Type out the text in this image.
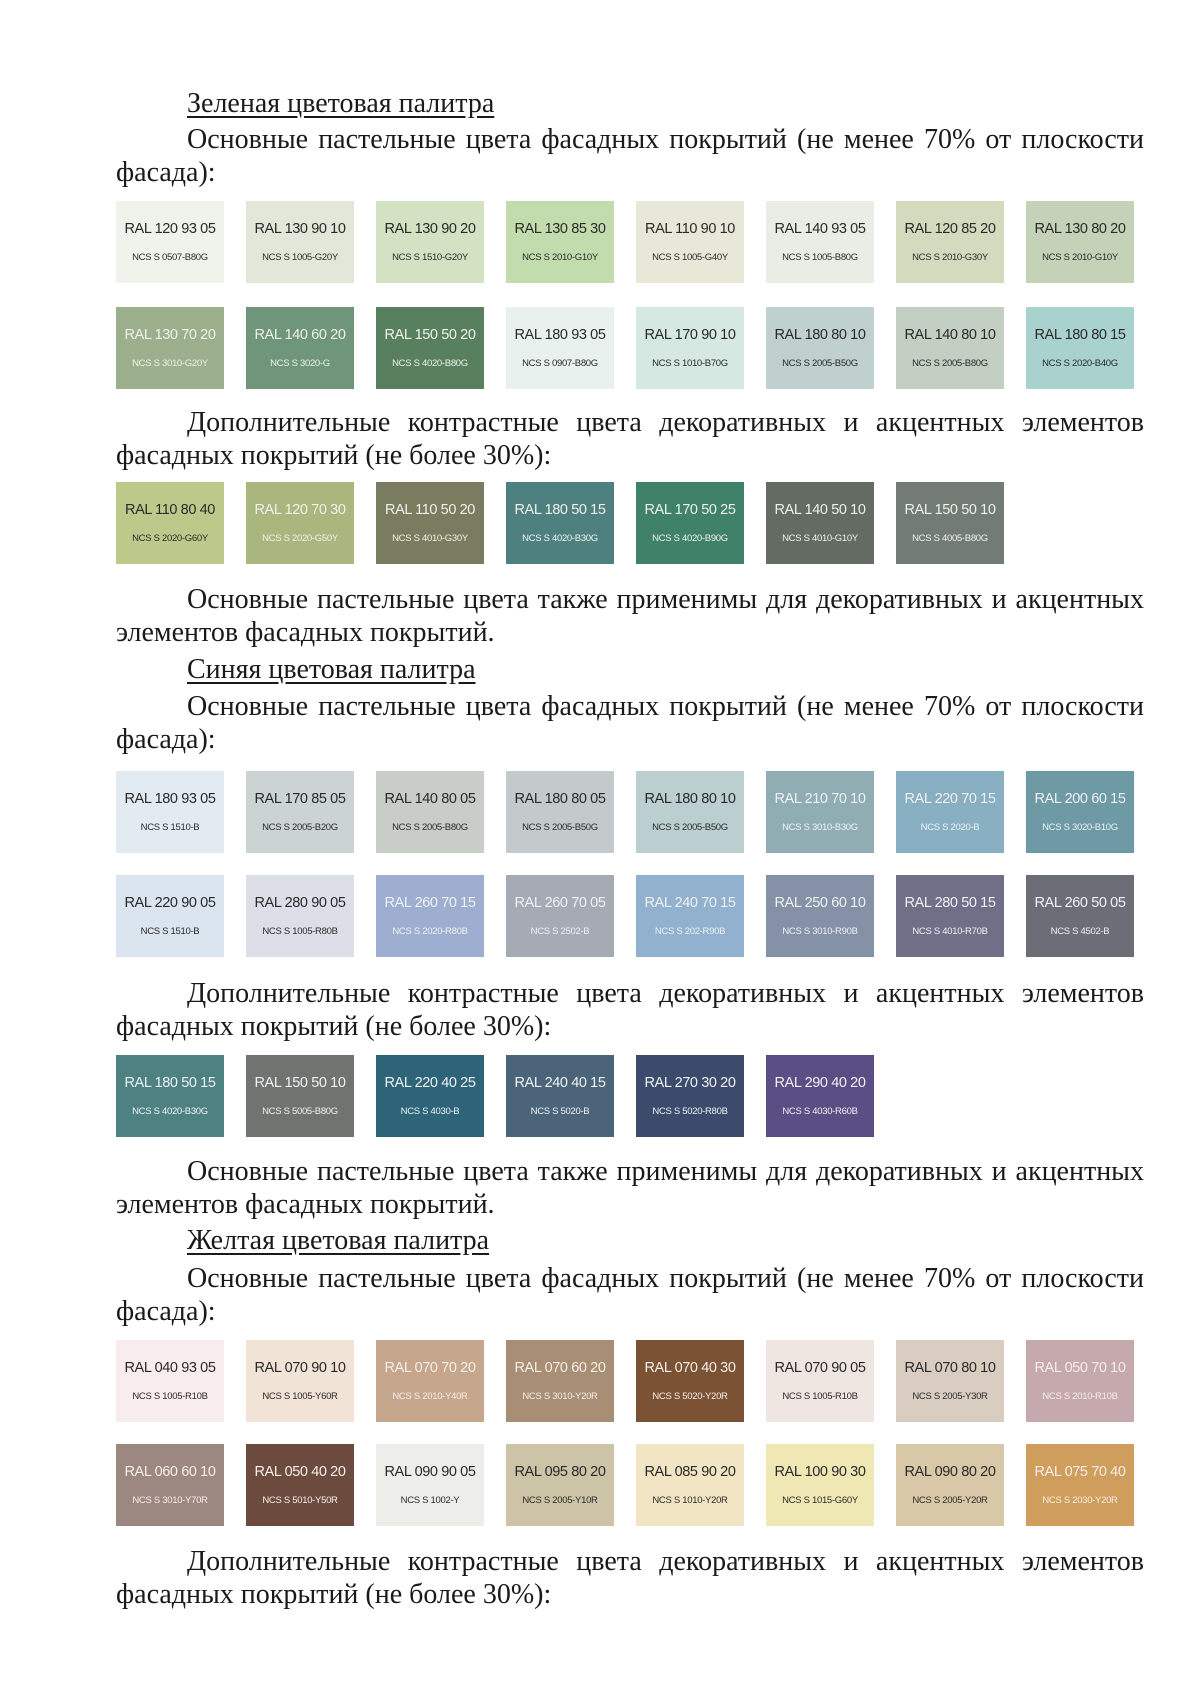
Зеленая цветовая палитра

Основные пастельные цвета фасадных покрытий (не менее 70% от плоскости фасада):

RAL 120 93 05
NCS S 0507-B80G
RAL 130 90 10
NCS S 1005-G20Y
RAL 130 90 20
NCS S 1510-G20Y
RAL 130 85 30
NCS S 2010-G10Y
RAL 110 90 10
NCS S 1005-G40Y
RAL 140 93 05
NCS S 1005-B80G
RAL 120 85 20
NCS S 2010-G30Y
RAL 130 80 20
NCS S 2010-G10Y
RAL 130 70 20
NCS S 3010-G20Y
RAL 140 60 20
NCS S 3020-G
RAL 150 50 20
NCS S 4020-B80G
RAL 180 93 05
NCS S 0907-B80G
RAL 170 90 10
NCS S 1010-B70G
RAL 180 80 10
NCS S 2005-B50G
RAL 140 80 10
NCS S 2005-B80G
RAL 180 80 15
NCS S 2020-B40G

Дополнительные контрастные цвета декоративных и акцентных элементов фасадных покрытий (не более 30%):

RAL 110 80 40
NCS S 2020-G60Y
RAL 120 70 30
NCS S 2020-G50Y
RAL 110 50 20
NCS S 4010-G30Y
RAL 180 50 15
NCS S 4020-B30G
RAL 170 50 25
NCS S 4020-B90G
RAL 140 50 10
NCS S 4010-G10Y
RAL 150 50 10
NCS S 4005-B80G

Основные пастельные цвета также применимы для декоративных и акцентных элементов фасадных покрытий.

Синяя цветовая палитра

Основные пастельные цвета фасадных покрытий (не менее 70% от плоскости фасада):

RAL 180 93 05
NCS S 1510-B
RAL 170 85 05
NCS S 2005-B20G
RAL 140 80 05
NCS S 2005-B80G
RAL 180 80 05
NCS S 2005-B50G
RAL 180 80 10
NCS S 2005-B50G
RAL 210 70 10
NCS S 3010-B30G
RAL 220 70 15
NCS S 2020-B
RAL 200 60 15
NCS S 3020-B10G
RAL 220 90 05
NCS S 1510-B
RAL 280 90 05
NCS S 1005-R80B
RAL 260 70 15
NCS S 2020-R80B
RAL 260 70 05
NCS S 2502-B
RAL 240 70 15
NCS S 202-R90B
RAL 250 60 10
NCS S 3010-R90B
RAL 280 50 15
NCS S 4010-R70B
RAL 260 50 05
NCS S 4502-B

Дополнительные контрастные цвета декоративных и акцентных элементов фасадных покрытий (не более 30%):

RAL 180 50 15
NCS S 4020-B30G
RAL 150 50 10
NCS S 5005-B80G
RAL 220 40 25
NCS S 4030-B
RAL 240 40 15
NCS S 5020-B
RAL 270 30 20
NCS S 5020-R80B
RAL 290 40 20
NCS S 4030-R60B

Основные пастельные цвета также применимы для декоративных и акцентных элементов фасадных покрытий.

Желтая цветовая палитра

Основные пастельные цвета фасадных покрытий (не менее 70% от плоскости фасада):

RAL 040 93 05
NCS S 1005-R10B
RAL 070 90 10
NCS S 1005-Y60R
RAL 070 70 20
NCS S 2010-Y40R
RAL 070 60 20
NCS S 3010-Y20R
RAL 070 40 30
NCS S 5020-Y20R
RAL 070 90 05
NCS S 1005-R10B
RAL 070 80 10
NCS S 2005-Y30R
RAL 050 70 10
NCS S 2010-R10B
RAL 060 60 10
NCS S 3010-Y70R
RAL 050 40 20
NCS S 5010-Y50R
RAL 090 90 05
NCS S 1002-Y
RAL 095 80 20
NCS S 2005-Y10R
RAL 085 90 20
NCS S 1010-Y20R
RAL 100 90 30
NCS S 1015-G60Y
RAL 090 80 20
NCS S 2005-Y20R
RAL 075 70 40
NCS S 2030-Y20R

Дополнительные контрастные цвета декоративных и акцентных элементов фасадных покрытий (не более 30%):
